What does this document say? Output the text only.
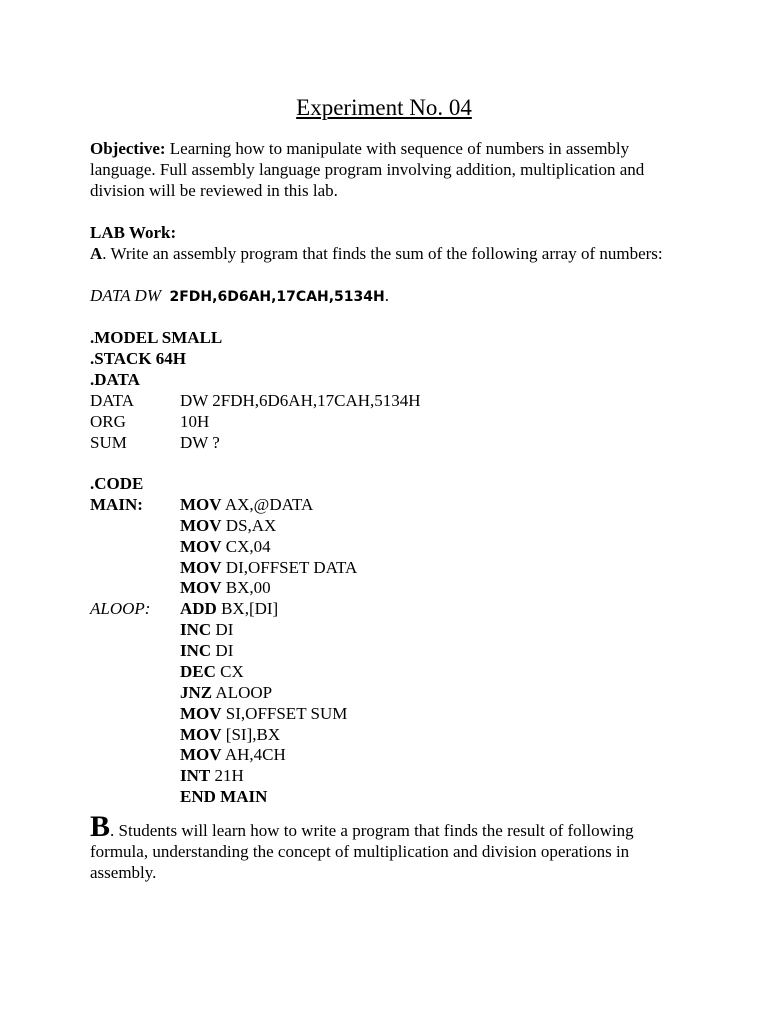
Experiment No. 04
Objective: Learning how to manipulate with sequence of numbers in assembly language. Full assembly language program involving addition, multiplication and division will be reviewed in this lab.
LAB Work:
A. Write an assembly program that finds the sum of the following array of numbers:
DATA DW 2FDH,6D6AH,17CAH,5134H.
.MODEL SMALL
.STACK 64H
.DATA
DATA	DW 2FDH,6D6AH,17CAH,5134H
ORG	10H
SUM	DW ?
.CODE
MAIN: MOV AX,@DATA
MOV DS,AX
MOV CX,04
MOV DI,OFFSET DATA
MOV BX,00
ALOOP: ADD BX,[DI]
INC DI
INC DI
DEC CX
JNZ ALOOP
MOV SI,OFFSET SUM
MOV [SI],BX
MOV AH,4CH
INT 21H
END MAIN
B. Students will learn how to write a program that finds the result of following formula, understanding the concept of multiplication and division operations in assembly.
